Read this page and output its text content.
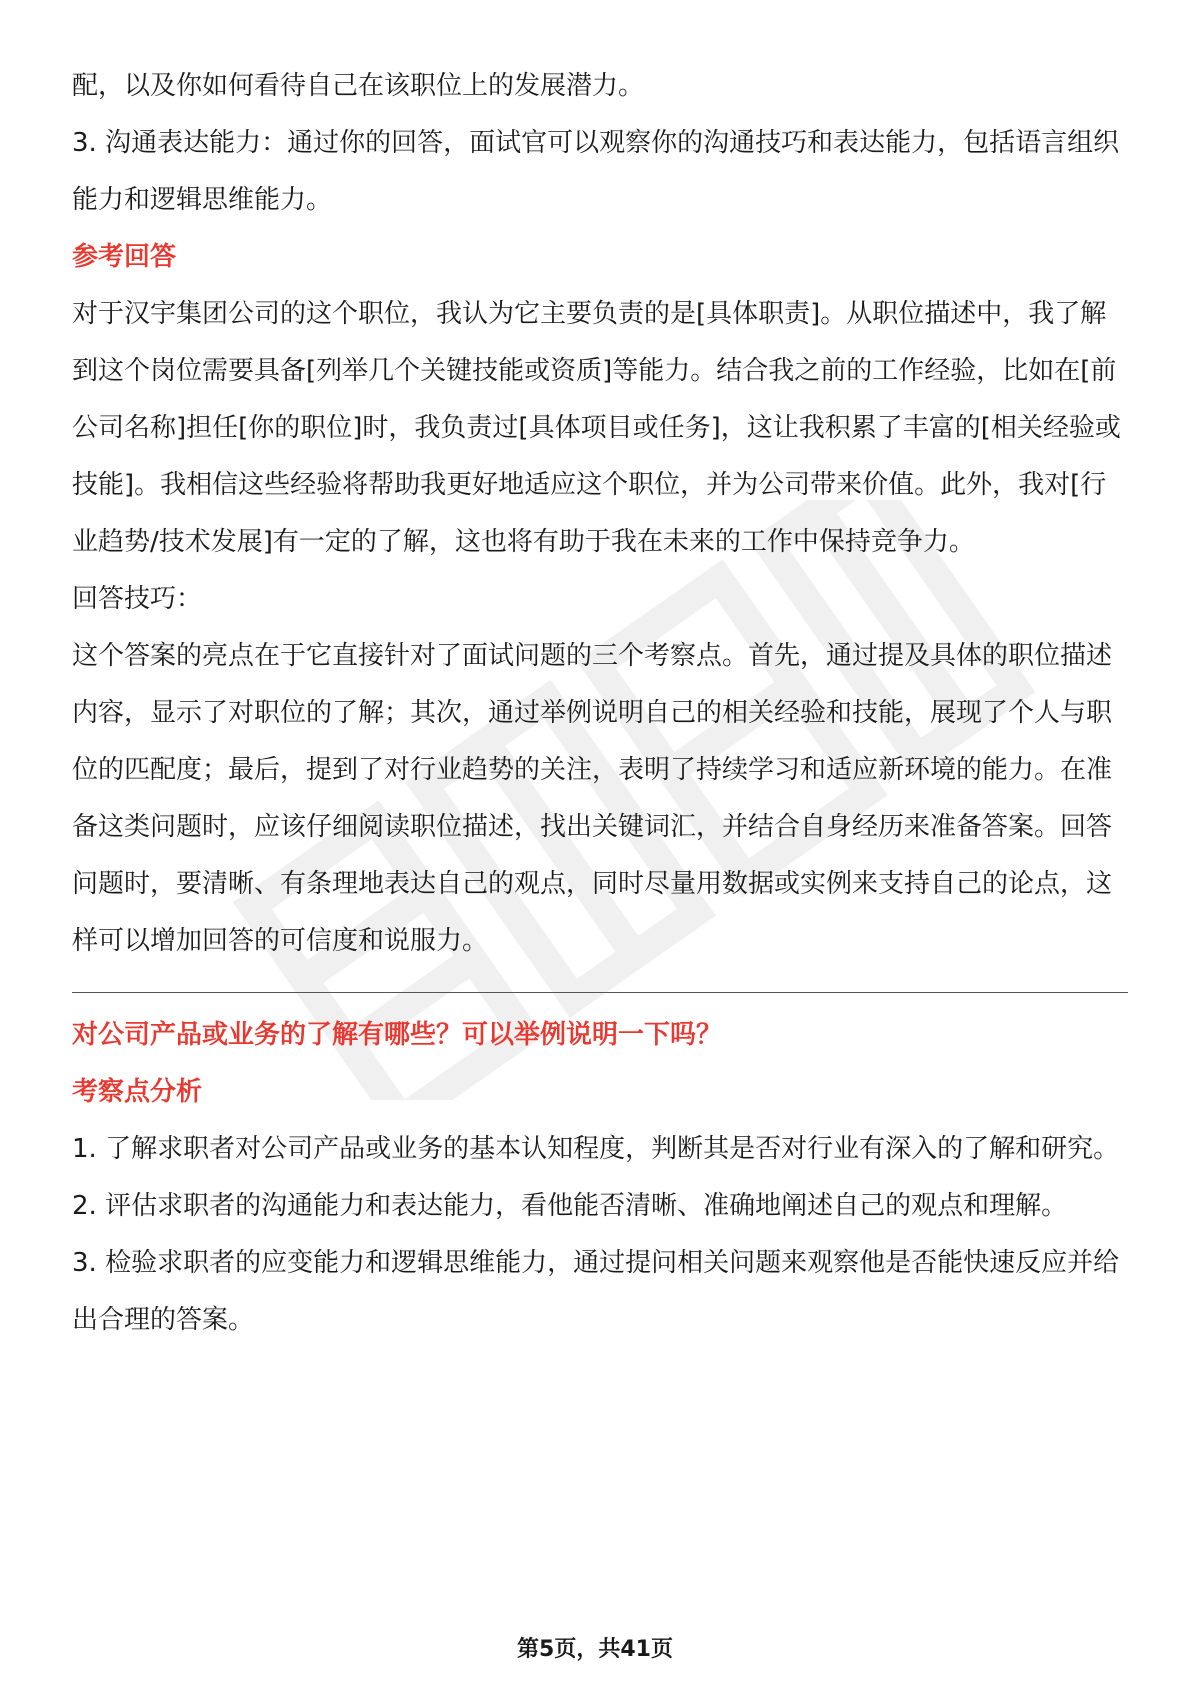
配，以及你如何看待自己在该职位上的发展潜力。

3. 沟通表达能力：通过你的回答，面试官可以观察你的沟通技巧和表达能力，包括语言组织能力和逻辑思维能力。

参考回答

对于汉宇集团公司的这个职位，我认为它主要负责的是[具体职责]。从职位描述中，我了解到这个岗位需要具备[列举几个关键技能或资质]等能力。结合我之前的工作经验，比如在[前公司名称]担任[你的职位]时，我负责过[具体项目或任务]，这让我积累了丰富的[相关经验或技能]。我相信这些经验将帮助我更好地适应这个职位，并为公司带来价值。此外，我对[行业趋势/技术发展]有一定的了解，这也将有助于我在未来的工作中保持竞争力。

回答技巧：

这个答案的亮点在于它直接针对了面试问题的三个考察点。首先，通过提及具体的职位描述内容，显示了对职位的了解；其次，通过举例说明自己的相关经验和技能，展现了个人与职位的匹配度；最后，提到了对行业趋势的关注，表明了持续学习和适应新环境的能力。在准备这类问题时，应该仔细阅读职位描述，找出关键词汇，并结合自身经历来准备答案。回答问题时，要清晰、有条理地表达自己的观点，同时尽量用数据或实例来支持自己的论点，这样可以增加回答的可信度和说服力。

对公司产品或业务的了解有哪些？可以举例说明一下吗？

考察点分析

1. 了解求职者对公司产品或业务的基本认知程度，判断其是否对行业有深入的了解和研究。

2. 评估求职者的沟通能力和表达能力，看他能否清晰、准确地阐述自己的观点和理解。

3. 检验求职者的应变能力和逻辑思维能力，通过提问相关问题来观察他是否能快速反应并给出合理的答案。

第5页，共41页
